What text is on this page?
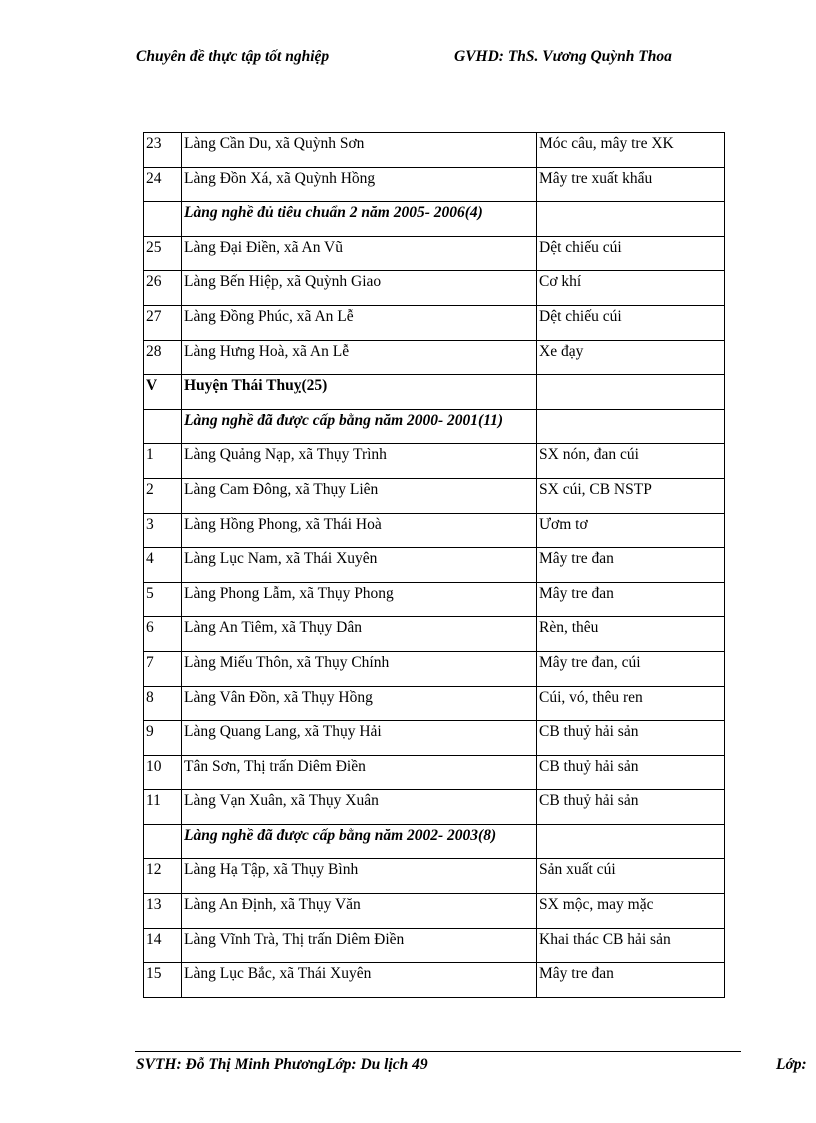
Chuyên đề thực tập tốt nghiệp	GVHD: ThS. Vương Quỳnh Thoa
23	Làng Cần Du, xã Quỳnh Sơn	Móc câu, mây tre XK
24	Làng Đồn Xá, xã Quỳnh Hồng	Mây tre xuất khẩu
	Làng nghề đủ tiêu chuẩn 2 năm 2005- 2006(4)	
25	Làng Đại Điền, xã An Vũ	Dệt chiếu cúi
26	Làng Bến Hiệp, xã Quỳnh Giao	Cơ khí
27	Làng Đồng Phúc, xã An Lễ	Dệt chiếu cúi
28	Làng Hưng Hoà, xã An Lễ	Xe đạy
V	Huyện Thái Thuỵ(25)	
	Làng nghề đã được cấp bằng năm 2000- 2001(11)	
1	Làng Quảng Nạp, xã Thụy Trình	SX nón, đan cúi
2	Làng Cam Đông, xã Thụy Liên	SX cúi, CB NSTP
3	Làng Hồng Phong, xã Thái Hoà	Ươm tơ
4	Làng Lục Nam, xã Thái Xuyên	Mây tre đan
5	Làng Phong Lẫm, xã Thụy Phong	Mây tre đan
6	Làng An Tiêm, xã Thụy Dân	Rèn, thêu
7	Làng Miếu Thôn, xã Thụy Chính	Mây tre đan, cúi
8	Làng Vân Đồn, xã Thụy Hồng	Cúi, vó, thêu ren
9	Làng Quang Lang, xã Thụy Hải	CB thuỷ hải sản
10	Tân Sơn, Thị trấn Diêm Điền	CB thuỷ hải sản
11	Làng Vạn Xuân, xã Thụy Xuân	CB thuỷ hải sản
	Làng nghề đã được cấp bằng năm 2002- 2003(8)	
12	Làng Hạ Tập, xã Thụy Bình	Sản xuất cúi
13	Làng An Định, xã Thụy Văn	SX mộc, may mặc
14	Làng Vĩnh Trà, Thị trấn Diêm Điền	Khai thác CB hải sản
15	Làng Lục Bắc, xã Thái Xuyên	Mây tre đan
SVTH: Đỗ Thị Minh PhươngLớp: Du lịch 49	Lớp:
